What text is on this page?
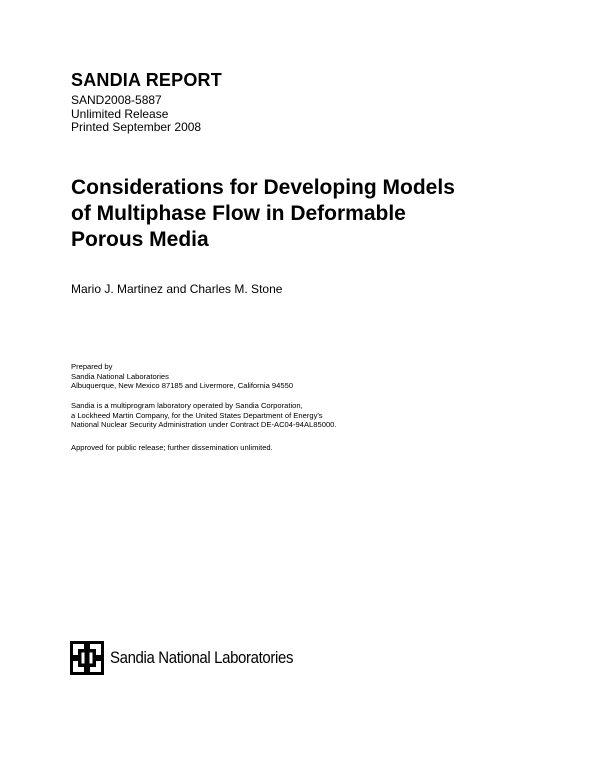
SANDIA REPORT
SAND2008-5887
Unlimited Release
Printed September 2008
Considerations for Developing Models
of Multiphase Flow in Deformable
Porous Media
Mario J. Martinez and Charles M. Stone
Prepared by
Sandia National Laboratories
Albuquerque, New Mexico 87185 and Livermore, California 94550
Sandia is a multiprogram laboratory operated by Sandia Corporation,
a Lockheed Martin Company, for the United States Department of Energy's
National Nuclear Security Administration under Contract DE-AC04-94AL85000.
Approved for public release; further dissemination unlimited.
Sandia National Laboratories
